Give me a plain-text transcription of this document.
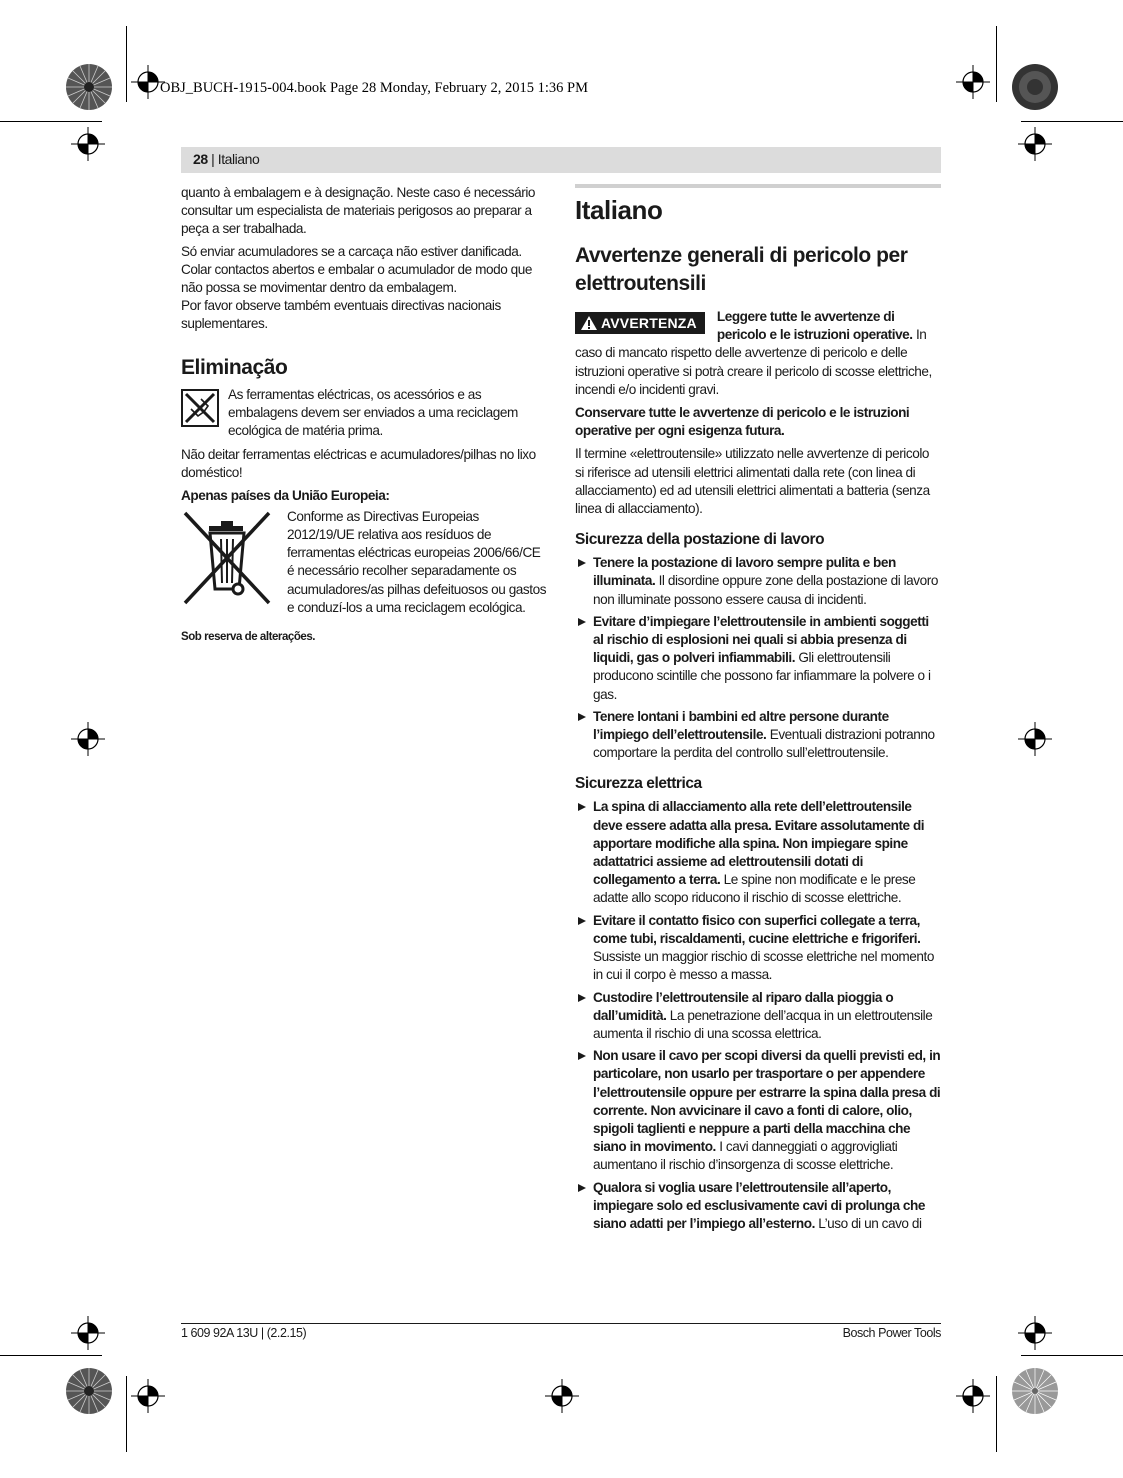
OBJ_BUCH-1915-004.book Page 28 Monday, February 2, 2015 1:36 PM
28 | Italiano

quanto à embalagem e à designação. Neste caso é necessário consultar um especialista de materiais perigosos ao preparar a peça a ser trabalhada.

Só enviar acumuladores se a carcaça não estiver danificada. Colar contactos abertos e embalar o acumulador de modo que não possa se movimentar dentro da embalagem.

Por favor observe também eventuais directivas nacionais suplementares.

Eliminação

As ferramentas eléctricas, os acessórios e as embalagens devem ser enviados a uma reciclagem ecológica de matéria prima.

Não deitar ferramentas eléctricas e acumuladores/pilhas no lixo doméstico!

Apenas países da União Europeia:

Conforme as Directivas Europeias 2012/19/UE relativa aos resíduos de ferramentas eléctricas europeias 2006/66/CE é necessário recolher separadamente os acumuladores/as pilhas defeituosos ou gastos e conduzí-los a uma reciclagem ecológica.

Sob reserva de alterações.

Italiano
Avvertenze generali di pericolo per elettroutensili
AVVERTENZA	Leggere tutte le avvertenze di pericolo e le istruzioni operative. In caso di mancato rispetto delle avvertenze di pericolo e delle istruzioni operative si potrà creare il pericolo di scosse elettriche, incendi e/o incidenti gravi.

Conservare tutte le avvertenze di pericolo e le istruzioni operative per ogni esigenza futura.

Il termine «elettroutensile» utilizzato nelle avvertenze di pericolo si riferisce ad utensili elettrici alimentati dalla rete (con linea di allacciamento) ed ad utensili elettrici alimentati a batteria (senza linea di allacciamento).

Sicurezza della postazione di lavoro
Tenere la postazione di lavoro sempre pulita e ben illuminata. Il disordine oppure zone della postazione di lavoro non illuminate possono essere causa di incidenti.
Evitare d’impiegare l’elettroutensile in ambienti soggetti al rischio di esplosioni nei quali si abbia presenza di liquidi, gas o polveri infiammabili. Gli elettroutensili producono scintille che possono far infiammare la polvere o i gas.
Tenere lontani i bambini ed altre persone durante l’impiego dell’elettroutensile. Eventuali distrazioni potranno comportare la perdita del controllo sull’elettroutensile.
Sicurezza elettrica
La spina di allacciamento alla rete dell’elettroutensile deve essere adatta alla presa. Evitare assolutamente di apportare modifiche alla spina. Non impiegare spine adattatrici assieme ad elettroutensili dotati di collegamento a terra. Le spine non modificate e le prese adatte allo scopo riducono il rischio di scosse elettriche.
Evitare il contatto fisico con superfici collegate a terra, come tubi, riscaldamenti, cucine elettriche e frigoriferi. Sussiste un maggior rischio di scosse elettriche nel momento in cui il corpo è messo a massa.
Custodire l’elettroutensile al riparo dalla pioggia o dall’umidità. La penetrazione dell’acqua in un elettroutensile aumenta il rischio di una scossa elettrica.
Non usare il cavo per scopi diversi da quelli previsti ed, in particolare, non usarlo per trasportare o per appendere l’elettroutensile oppure per estrarre la spina dalla presa di corrente. Non avvicinare il cavo a fonti di calore, olio, spigoli taglienti e neppure a parti della macchina che siano in movimento. I cavi danneggiati o aggrovigliati aumentano il rischio d’insorgenza di scosse elettriche.
Qualora si voglia usare l’elettroutensile all’aperto, impiegare solo ed esclusivamente cavi di prolunga che siano adatti per l’impiego all’esterno. L’uso di un cavo di
1 609 92A 13U | (2.2.15)	Bosch Power Tools
